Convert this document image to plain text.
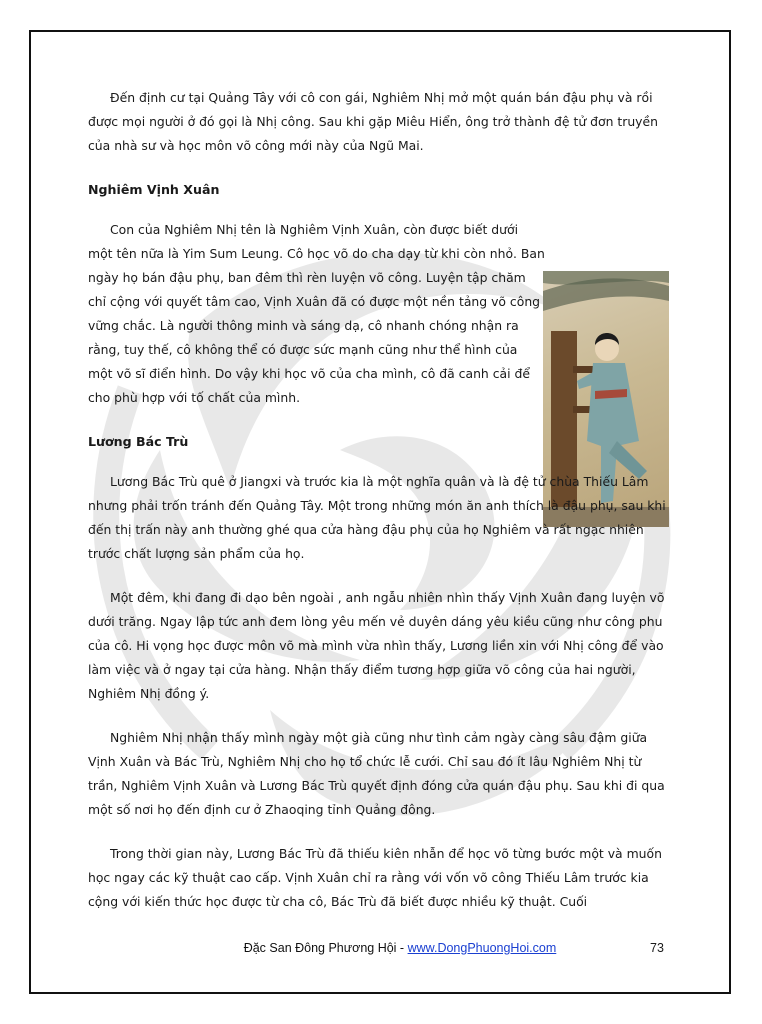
Đến định cư tại Quảng Tây với cô con gái, Nghiêm Nhị mở một quán bán đậu phụ và rồi được mọi người ở đó gọi là Nhị công. Sau khi gặp Miêu Hiển, ông trở thành đệ tử đơn truyền của nhà sư và học môn võ công mới này của Ngũ Mai.

Nghiêm Vịnh Xuân

Con của Nghiêm Nhị tên là Nghiêm Vịnh Xuân, còn được biết dưới một tên nữa là Yim Sum Leung. Cô học võ do cha dạy từ khi còn nhỏ. Ban ngày họ bán đậu phụ, ban đêm thì rèn luyện võ công. Luyện tập chăm chỉ cộng với quyết tâm cao, Vịnh Xuân đã có được một nền tảng võ công vững chắc. Là người thông minh và sáng dạ, cô nhanh chóng nhận ra rằng, tuy thế, cô không thể có được sức mạnh cũng như thể hình của một võ sĩ điển hình. Do vậy khi học võ của cha mình, cô đã canh cải để cho phù hợp với tố chất của mình.

Lương Bác Trù

Lương Bác Trù quê ở Jiangxi và trước kia là một nghĩa quân và là đệ tử chùa Thiếu Lâm nhưng phải trốn tránh đến Quảng Tây. Một trong những món ăn anh thích là đậu phụ, sau khi đến thị trấn này anh thường ghé qua cửa hàng đậu phụ của họ Nghiêm và rất ngạc nhiên trước chất lượng sản phẩm của họ.

Một đêm, khi đang đi dạo bên ngoài , anh ngẫu nhiên nhìn thấy Vịnh Xuân đang luyện võ dưới trăng. Ngay lập tức anh đem lòng yêu mến vẻ duyên dáng yêu kiều cũng như công phu của cô. Hi vọng học được môn võ mà mình vừa nhìn thấy, Lương liền xin với Nhị công để vào làm việc và ở ngay tại cửa hàng. Nhận thấy điểm tương hợp giữa võ công của hai người, Nghiêm Nhị đồng ý.

Nghiêm Nhị nhận thấy mình ngày một già cũng như tình cảm ngày càng sâu đậm giữa Vịnh Xuân và Bác Trù, Nghiêm Nhị cho họ tổ chức lễ cưới. Chỉ sau đó ít lâu Nghiêm Nhị từ trần, Nghiêm Vịnh Xuân và Lương Bác Trù quyết định đóng cửa quán đậu phụ. Sau khi đi qua một số nơi họ đến định cư ở Zhaoqing tỉnh Quảng đông.

Trong thời gian này, Lương Bác Trù đã thiếu kiên nhẫn để học võ từng bước một và muốn học ngay các kỹ thuật cao cấp. Vịnh Xuân chỉ ra rằng với vốn võ công Thiếu Lâm trước kia cộng với kiến thức học được từ cha cô, Bác Trù đã biết được nhiều kỹ thuật. Cuối

Đặc San Đông Phương Hội - www.DongPhuongHoi.com	73
